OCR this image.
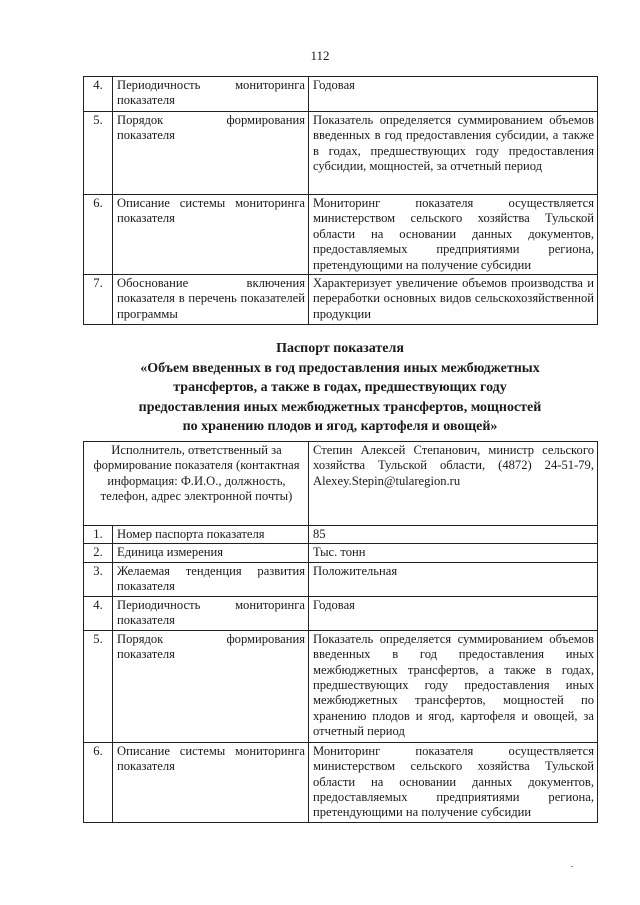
112
4.	Периодичность мониторинга показателя	Годовая
5.	Порядок формирования показателя	Показатель определяется суммированием объемов введенных в год предоставления субсидии, а также в годах, предшествующих году предоставления субсидии, мощностей, за отчетный период
6.	Описание системы мониторинга показателя	Мониторинг показателя осуществляется министерством сельского хозяйства Тульской области на основании данных документов, предоставляемых предприятиями региона, претендующими на получение субсидии
7.	Обоснование включения показателя в перечень показателей программы	Характеризует увеличение объемов производства и переработки основных видов сельскохозяйственной продукции
Паспорт показателя
«Объем введенных в год предоставления иных межбюджетных
трансфертов, а также в годах, предшествующих году
предоставления иных межбюджетных трансфертов, мощностей
по хранению плодов и ягод, картофеля и овощей»
Исполнитель, ответственный за формирование показателя (контактная информация: Ф.И.О., должность, телефон, адрес электронной почты)		Степин Алексей Степанович, министр сельского хозяйства Тульской области, (4872) 24-51-79, Alexey.Stepin@tularegion.ru
1.	Номер паспорта показателя	85
2.	Единица измерения	Тыс. тонн
3.	Желаемая тенденция развития показателя	Положительная
4.	Периодичность мониторинга показателя	Годовая
5.	Порядок формирования показателя	Показатель определяется суммированием объемов введенных в год предоставления иных межбюджетных трансфертов, а также в годах, предшествующих году предоставления иных межбюджетных трансфертов, мощностей по хранению плодов и ягод, картофеля и овощей, за отчетный период
6.	Описание системы мониторинга показателя	Мониторинг показателя осуществляется министерством сельского хозяйства Тульской области на основании данных документов, предоставляемых предприятиями региона, претендующими на получение субсидии
